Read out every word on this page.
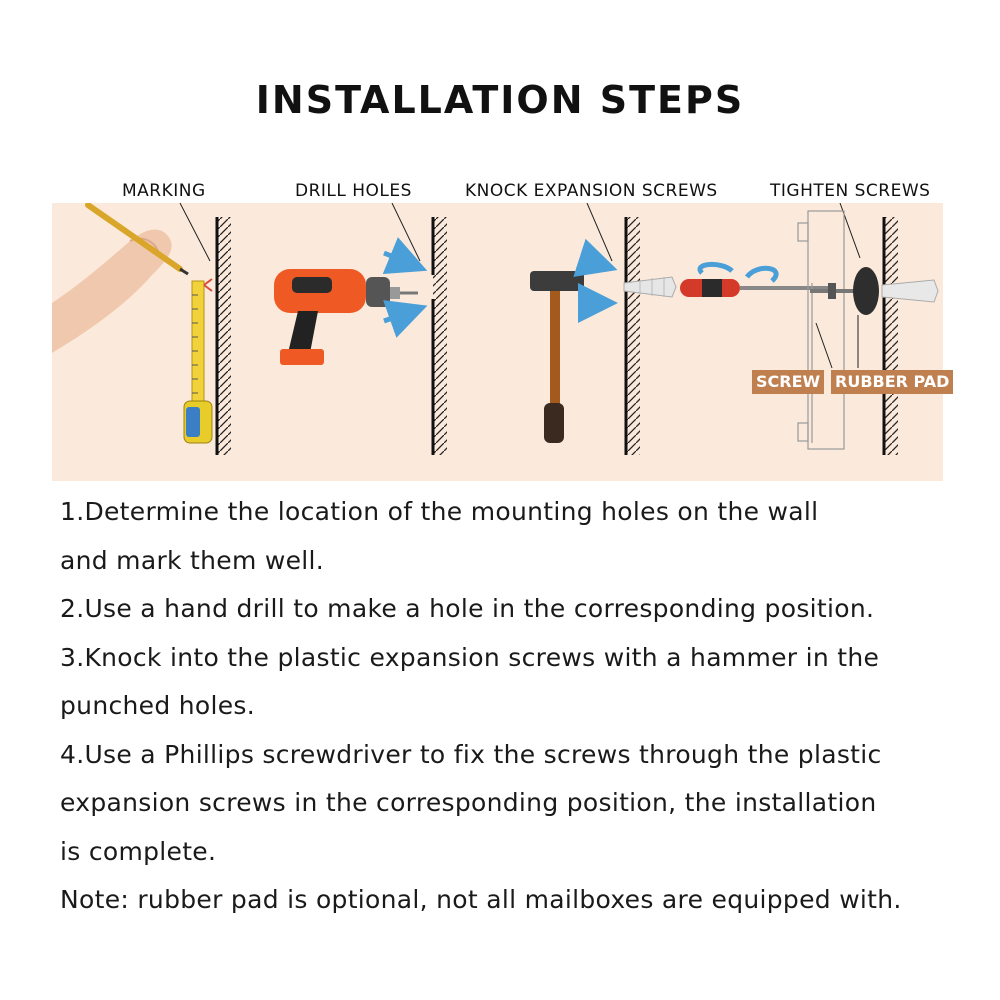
INSTALLATION STEPS
MARKING	DRILL HOLES	KNOCK EXPANSION SCREWS	TIGHTEN SCREWS
SCREW RUBBER PAD
1.Determine the location of the mounting holes on the wall
and mark them well.
2.Use a hand drill to make a hole in the corresponding position.
3.Knock into the plastic expansion screws with a hammer in the
punched holes.
4.Use a Phillips screwdriver to fix the screws through the plastic
expansion screws in the corresponding position, the installation
is complete.
Note: rubber pad is optional, not all mailboxes are equipped with.
